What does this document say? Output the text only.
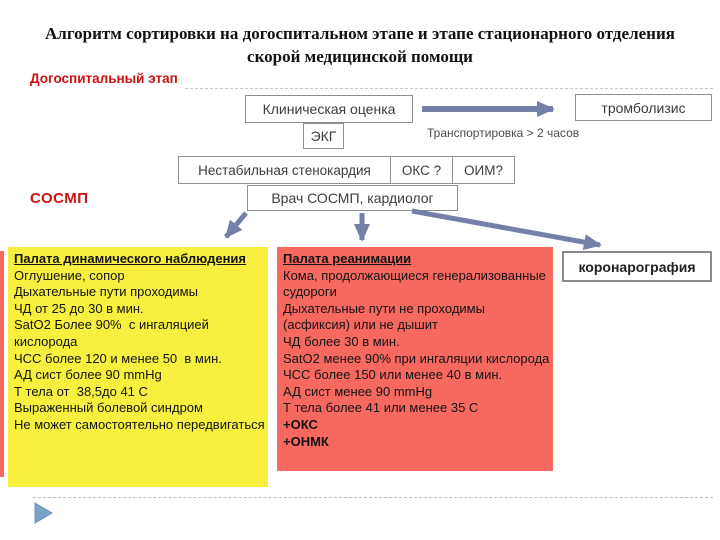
Алгоритм сортировки на догоспитальном этапе и этапе стационарного отделения скорой медицинской помощи
Догоспитальный этап
Клиническая оценка	тромболизис
Транспортировка > 2 часов
ЭКГ
Нестабильная стенокардия	ОКС ?	ОИМ?
СОСМП	Врач СОСМП, кардиолог
Палата динамического наблюдения
Оглушение, сопор
Дыхательные пути проходимы
ЧД от 25 до 30 в мин.
SatO2 Более 90%  с ингаляцией
кислорода
ЧСС более 120 и менее 50  в мин.
АД сист более 90 mmHg
Т тела от  38,5до 41 С
Выраженный болевой синдром
Не может самостоятельно передвигаться
Палата реанимации
Кома, продолжающиеся генерализованные
судороги
Дыхательные пути не проходимы
(асфиксия) или не дышит
ЧД более 30 в мин.
SatO2 менее 90% при ингаляции кислорода
ЧСС более 150 или менее 40 в мин.
АД сист менее 90 mmHg
Т тела более 41 или менее 35 С
+ОКС
+ОНМК
коронарография
